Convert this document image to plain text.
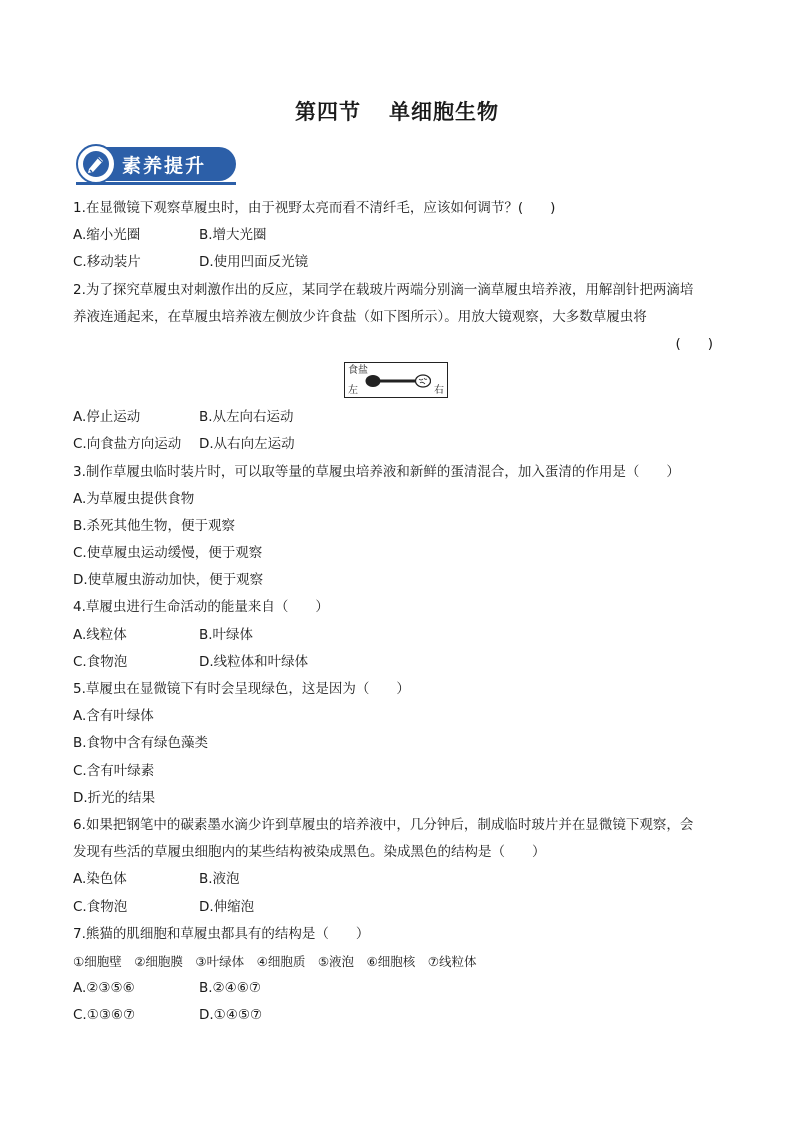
第四节 单细胞生物
素养提升
1.在显微镜下观察草履虫时，由于视野太亮而看不清纤毛，应该如何调节？(　　)
A.缩小光圈	B.增大光圈
C.移动装片	D.使用凹面反光镜
2.为了探究草履虫对刺激作出的反应，某同学在载玻片两端分别滴一滴草履虫培养液，用解剖针把两滴培
养液连通起来，在草履虫培养液左侧放少许食盐（如下图所示）。用放大镜观察，大多数草履虫将
(　　)
食盐
左	右
A.停止运动	B.从左向右运动
C.向食盐方向运动	D.从右向左运动
3.制作草履虫临时装片时，可以取等量的草履虫培养液和新鲜的蛋清混合，加入蛋清的作用是（　　）
A.为草履虫提供食物
B.杀死其他生物，便于观察
C.使草履虫运动缓慢，便于观察
D.使草履虫游动加快，便于观察
4.草履虫进行生命活动的能量来自（　　）
A.线粒体	B.叶绿体
C.食物泡	D.线粒体和叶绿体
5.草履虫在显微镜下有时会呈现绿色，这是因为（　　）
A.含有叶绿体
B.食物中含有绿色藻类
C.含有叶绿素
D.折光的结果
6.如果把钢笔中的碳素墨水滴少许到草履虫的培养液中，几分钟后，制成临时玻片并在显微镜下观察，会
发现有些活的草履虫细胞内的某些结构被染成黑色。染成黑色的结构是（　　）
A.染色体	B.液泡
C.食物泡	D.伸缩泡
7.熊猫的肌细胞和草履虫都具有的结构是（　　）
①细胞壁　②细胞膜　③叶绿体　④细胞质　⑤液泡　⑥细胞核　⑦线粒体
A.②③⑤⑥	B.②④⑥⑦
C.①③⑥⑦	D.①④⑤⑦
